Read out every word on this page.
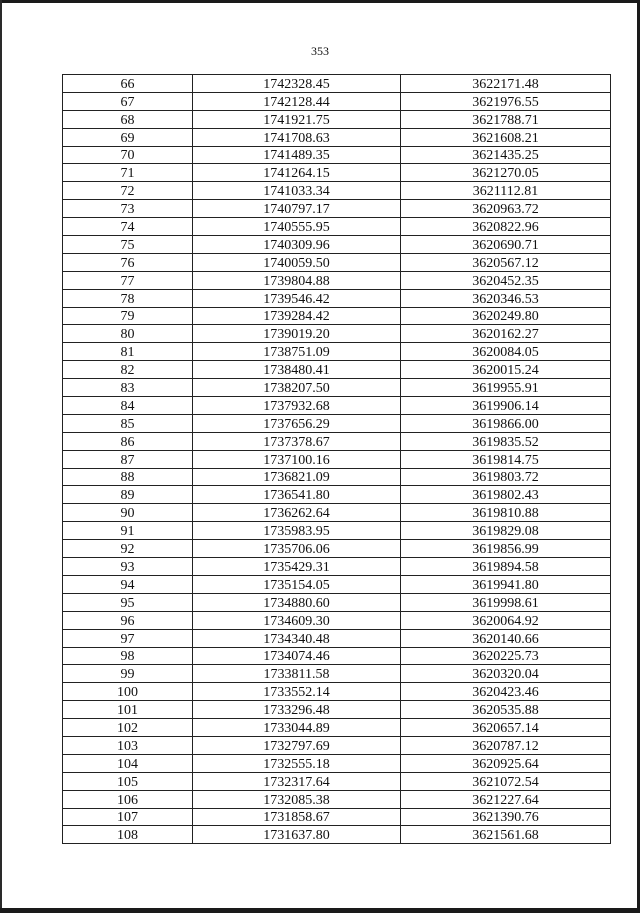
353
66	1742328.45	3622171.48
67	1742128.44	3621976.55
68	1741921.75	3621788.71
69	1741708.63	3621608.21
70	1741489.35	3621435.25
71	1741264.15	3621270.05
72	1741033.34	3621112.81
73	1740797.17	3620963.72
74	1740555.95	3620822.96
75	1740309.96	3620690.71
76	1740059.50	3620567.12
77	1739804.88	3620452.35
78	1739546.42	3620346.53
79	1739284.42	3620249.80
80	1739019.20	3620162.27
81	1738751.09	3620084.05
82	1738480.41	3620015.24
83	1738207.50	3619955.91
84	1737932.68	3619906.14
85	1737656.29	3619866.00
86	1737378.67	3619835.52
87	1737100.16	3619814.75
88	1736821.09	3619803.72
89	1736541.80	3619802.43
90	1736262.64	3619810.88
91	1735983.95	3619829.08
92	1735706.06	3619856.99
93	1735429.31	3619894.58
94	1735154.05	3619941.80
95	1734880.60	3619998.61
96	1734609.30	3620064.92
97	1734340.48	3620140.66
98	1734074.46	3620225.73
99	1733811.58	3620320.04
100	1733552.14	3620423.46
101	1733296.48	3620535.88
102	1733044.89	3620657.14
103	1732797.69	3620787.12
104	1732555.18	3620925.64
105	1732317.64	3621072.54
106	1732085.38	3621227.64
107	1731858.67	3621390.76
108	1731637.80	3621561.68
